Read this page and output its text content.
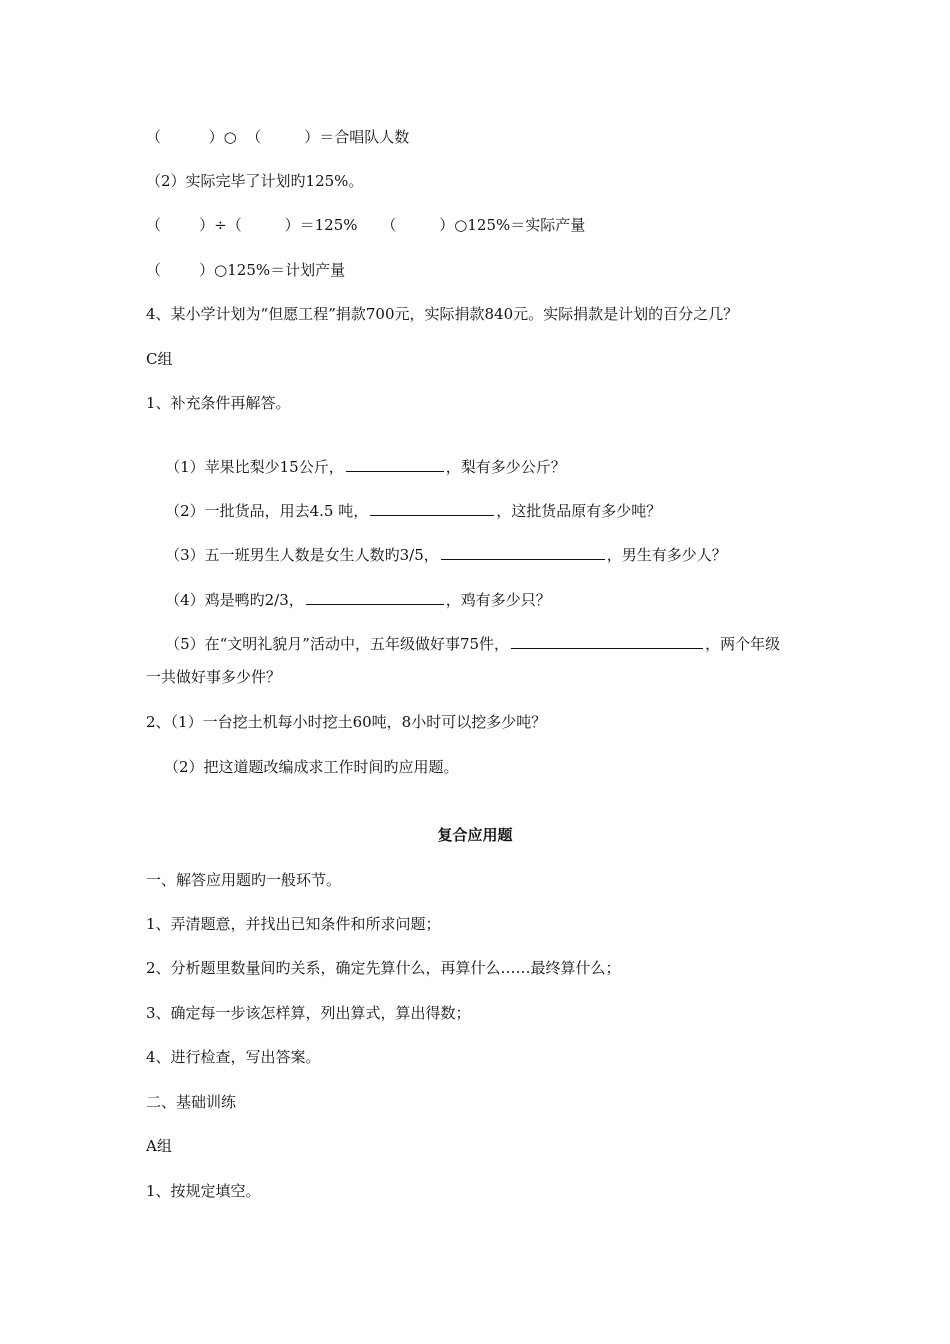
（          ）○  （         ）＝合唱队人数
（2）实际完毕了计划旳125%。
（        ）÷（         ）＝125%     （         ）○125%＝实际产量
（        ）○125%＝计划产量
4、某小学计划为“但愿工程”捐款700元，实际捐款840元。实际捐款是计划的百分之几？
C组
1、补充条件再解答。

（1）苹果比梨少15公斤，	，梨有多少公斤？

（2）一批货品，用去4.5 吨，	，这批货品原有多少吨？

（3）五一班男生人数是女生人数旳3/5，	，男生有多少人？

（4）鸡是鸭旳2/3，	，鸡有多少只？

（5）在“文明礼貌月”活动中，五年级做好事75件，	，两个年级

一共做好事多少件？
2、（1）一台挖土机每小时挖土60吨，8小时可以挖多少吨？
（2）把这道题改编成求工作时间旳应用题。
复合应用题
一、解答应用题旳一般环节。
1、弄清题意，并找出已知条件和所求问题；
2、分析题里数量间旳关系，确定先算什么，再算什么……最终算什么；
3、确定每一步该怎样算，列出算式，算出得数；
4、进行检查，写出答案。
二、基础训练
A组
1、按规定填空。
